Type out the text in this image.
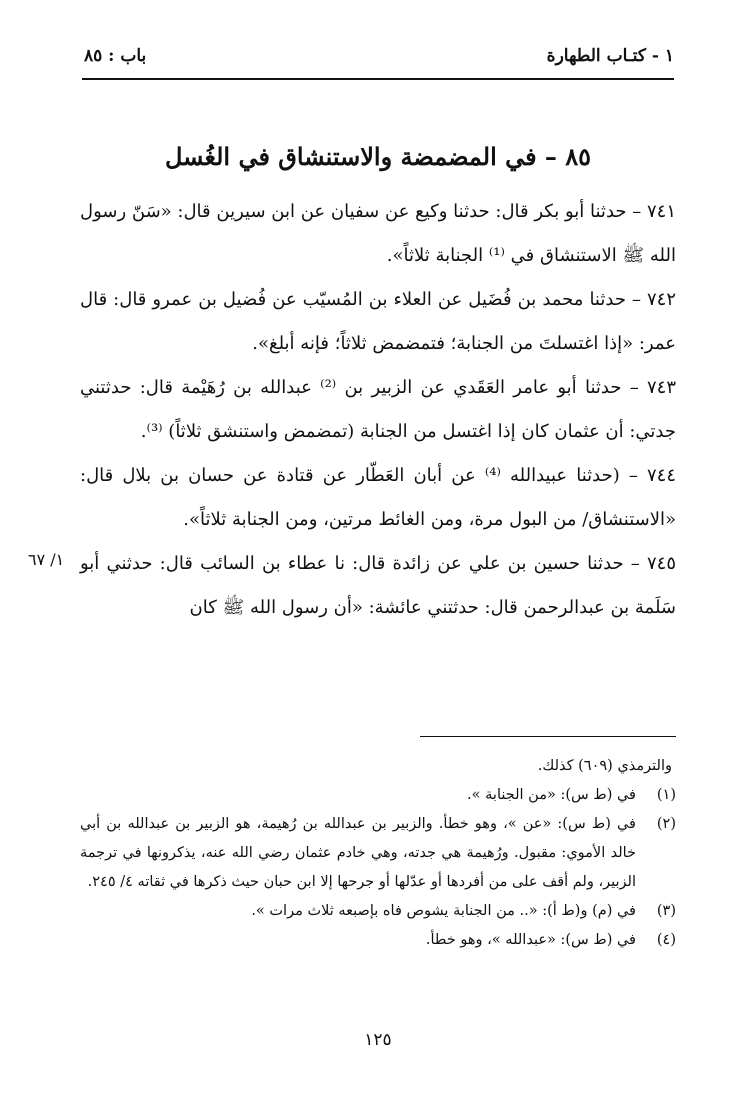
١ - كتـاب الطهارة
باب : ٨٥
٨٥ – في المضمضة والاستنشاق في الغُسل

٧٤١ – حدثنا أبو بكر قال: حدثنا وكيع عن سفيان عن ابن سيرين قال: «سَنّ رسول الله ﷺ الاستنشاق في ⁽¹⁾ الجنابة ثلاثاً».

٧٤٢ – حدثنا محمد بن فُضَيل عن العلاء بن المُسيّب عن فُضيل بن عمرو قال: قال عمر: «إذا اغتسلتَ من الجنابة؛ فتمضمض ثلاثاً؛ فإنه أبلغ».

٧٤٣ – حدثنا أبو عامر العَقَدي عن الزبير بن ⁽²⁾ عبدالله بن رُهَيْمة قال: حدثتني جدتي: أن عثمان كان إذا اغتسل من الجنابة (تمضمض واستنشق ثلاثاً) ⁽³⁾.

٧٤٤ – (حدثنا عبيدالله ⁽⁴⁾ عن أبان العَطّار عن قتادة عن حسان بن بلال قال: «الاستنشاق/ من البول مرة، ومن الغائط مرتين، ومن الجنابة ثلاثاً».

٧٤٥ – حدثنا حسين بن علي عن زائدة قال: نا عطاء بن السائب قال: حدثني أبو سَلَمة بن عبدالرحمن قال: حدثتني عائشة: «أن رسول الله ﷺ كان

١/ ٦٧
والترمذي (٦٠٩) كذلك.
(١)
في (ط س): «من الجنابة ».
(٢)
في (ط س): «عن »، وهو خطأ. والزبير بن عبدالله بن رُهيمة، هو الزبير بن عبدالله بن أبي خالد الأموي: مقبول. ورُهيمة هي جدته، وهي خادم عثمان رضي الله عنه، يذكرونها في ترجمة الزبير، ولم أقف على من أفردها أو عدّلها أو جرحها إلا ابن حبان حيث ذكرها في ثقاته ٤/ ٢٤٥.
(٣)
في (م) و(ط أ): «.. من الجنابة يشوص فاه بإصبعه ثلاث مرات ».
(٤)
في (ط س): «عبدالله »، وهو خطأ.
١٢٥
